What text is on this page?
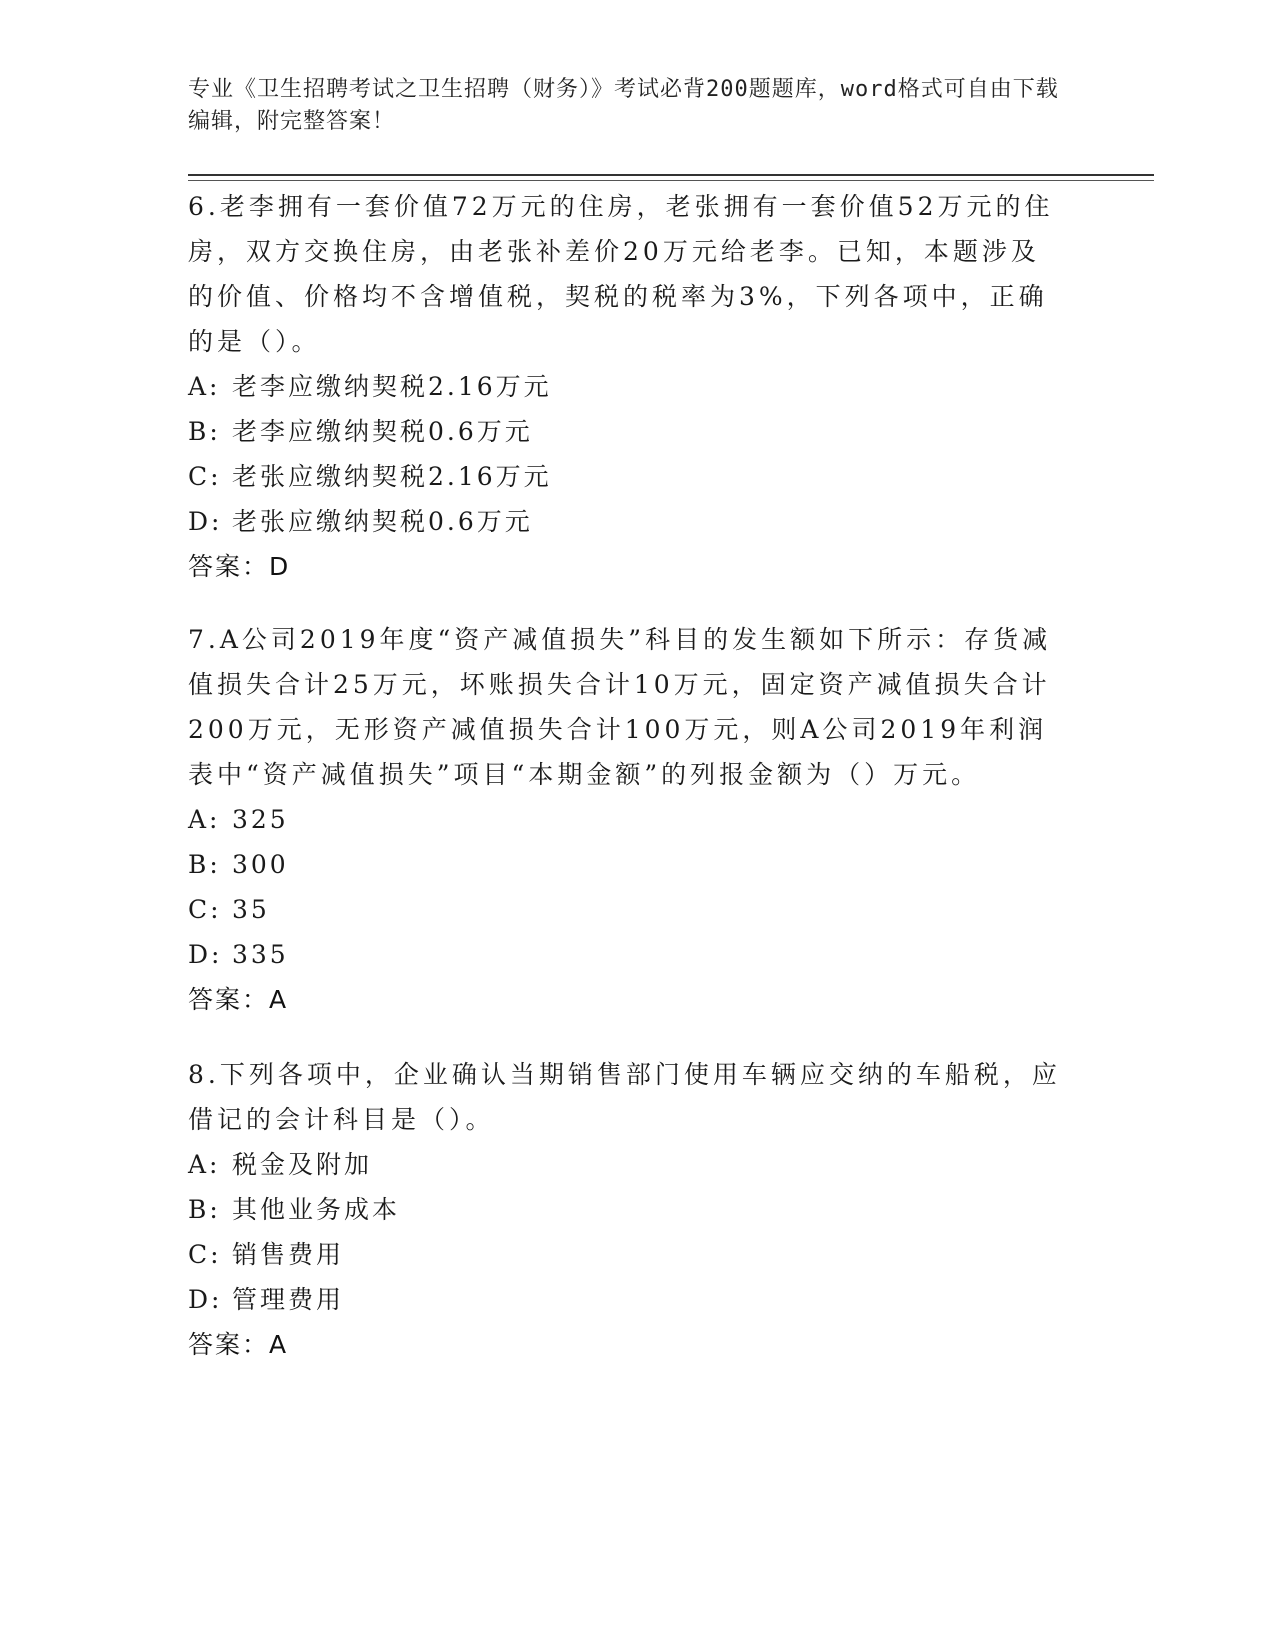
专业《卫生招聘考试之卫生招聘（财务）》考试必背200题题库，word格式可自由下载编辑，附完整答案！

6.老李拥有一套价值72万元的住房，老张拥有一套价值52万元的住房，双方交换住房，由老张补差价20万元给老李。已知，本题涉及的价值、价格均不含增值税，契税的税率为3%，下列各项中，正确的是（）。

A: 老李应缴纳契税2.16万元

B: 老李应缴纳契税0.6万元

C: 老张应缴纳契税2.16万元

D: 老张应缴纳契税0.6万元

答案：D

7.A公司2019年度“资产减值损失”科目的发生额如下所示：存货减值损失合计25万元，坏账损失合计10万元，固定资产减值损失合计200万元，无形资产减值损失合计100万元，则A公司2019年利润表中“资产减值损失”项目“本期金额”的列报金额为（）万元。

A: 325

B: 300

C: 35

D: 335

答案：A

8.下列各项中，企业确认当期销售部门使用车辆应交纳的车船税，应借记的会计科目是（）。

A: 税金及附加

B: 其他业务成本

C: 销售费用

D: 管理费用

答案：A
